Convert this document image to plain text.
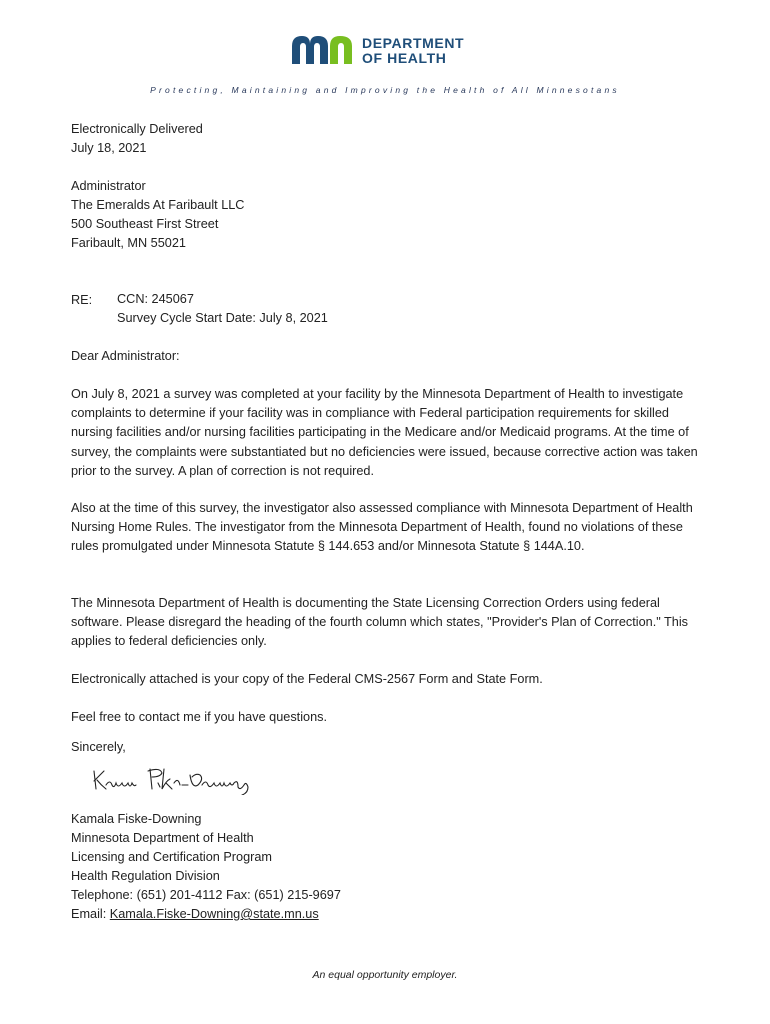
DEPARTMENT
OF HEALTH
Protecting, Maintaining and Improving the Health of All Minnesotans
Electronically Delivered
July 18, 2021
Administrator
The Emeralds At Faribault LLC
500 Southeast First Street
Faribault, MN 55021
RE: CCN: 245067
Survey Cycle Start Date: July 8, 2021
Dear Administrator:
On July 8, 2021 a survey was completed at your facility by the Minnesota Department of Health to investigate complaints to determine if your facility was in compliance with Federal participation requirements for skilled nursing facilities and/or nursing facilities participating in the Medicare and/or Medicaid programs. At the time of survey, the complaints were substantiated but no deficiencies were issued, because corrective action was taken prior to the survey. A plan of correction is not required.
Also at the time of this survey, the investigator also assessed compliance with Minnesota Department of Health Nursing Home Rules. The investigator from the Minnesota Department of Health, found no violations of these rules promulgated under Minnesota Statute § 144.653 and/or Minnesota Statute § 144A.10.
The Minnesota Department of Health is documenting the State Licensing Correction Orders using federal software. Please disregard the heading of the fourth column which states, "Provider's Plan of Correction." This applies to federal deficiencies only.
Electronically attached is your copy of the Federal CMS-2567 Form and State Form.
Feel free to contact me if you have questions.
Sincerely,
Kamala Fiske-Downing
Minnesota Department of Health
Licensing and Certification Program
Health Regulation Division
Telephone: (651) 201-4112 Fax: (651) 215-9697
Email: Kamala.Fiske-Downing@state.mn.us
An equal opportunity employer.
